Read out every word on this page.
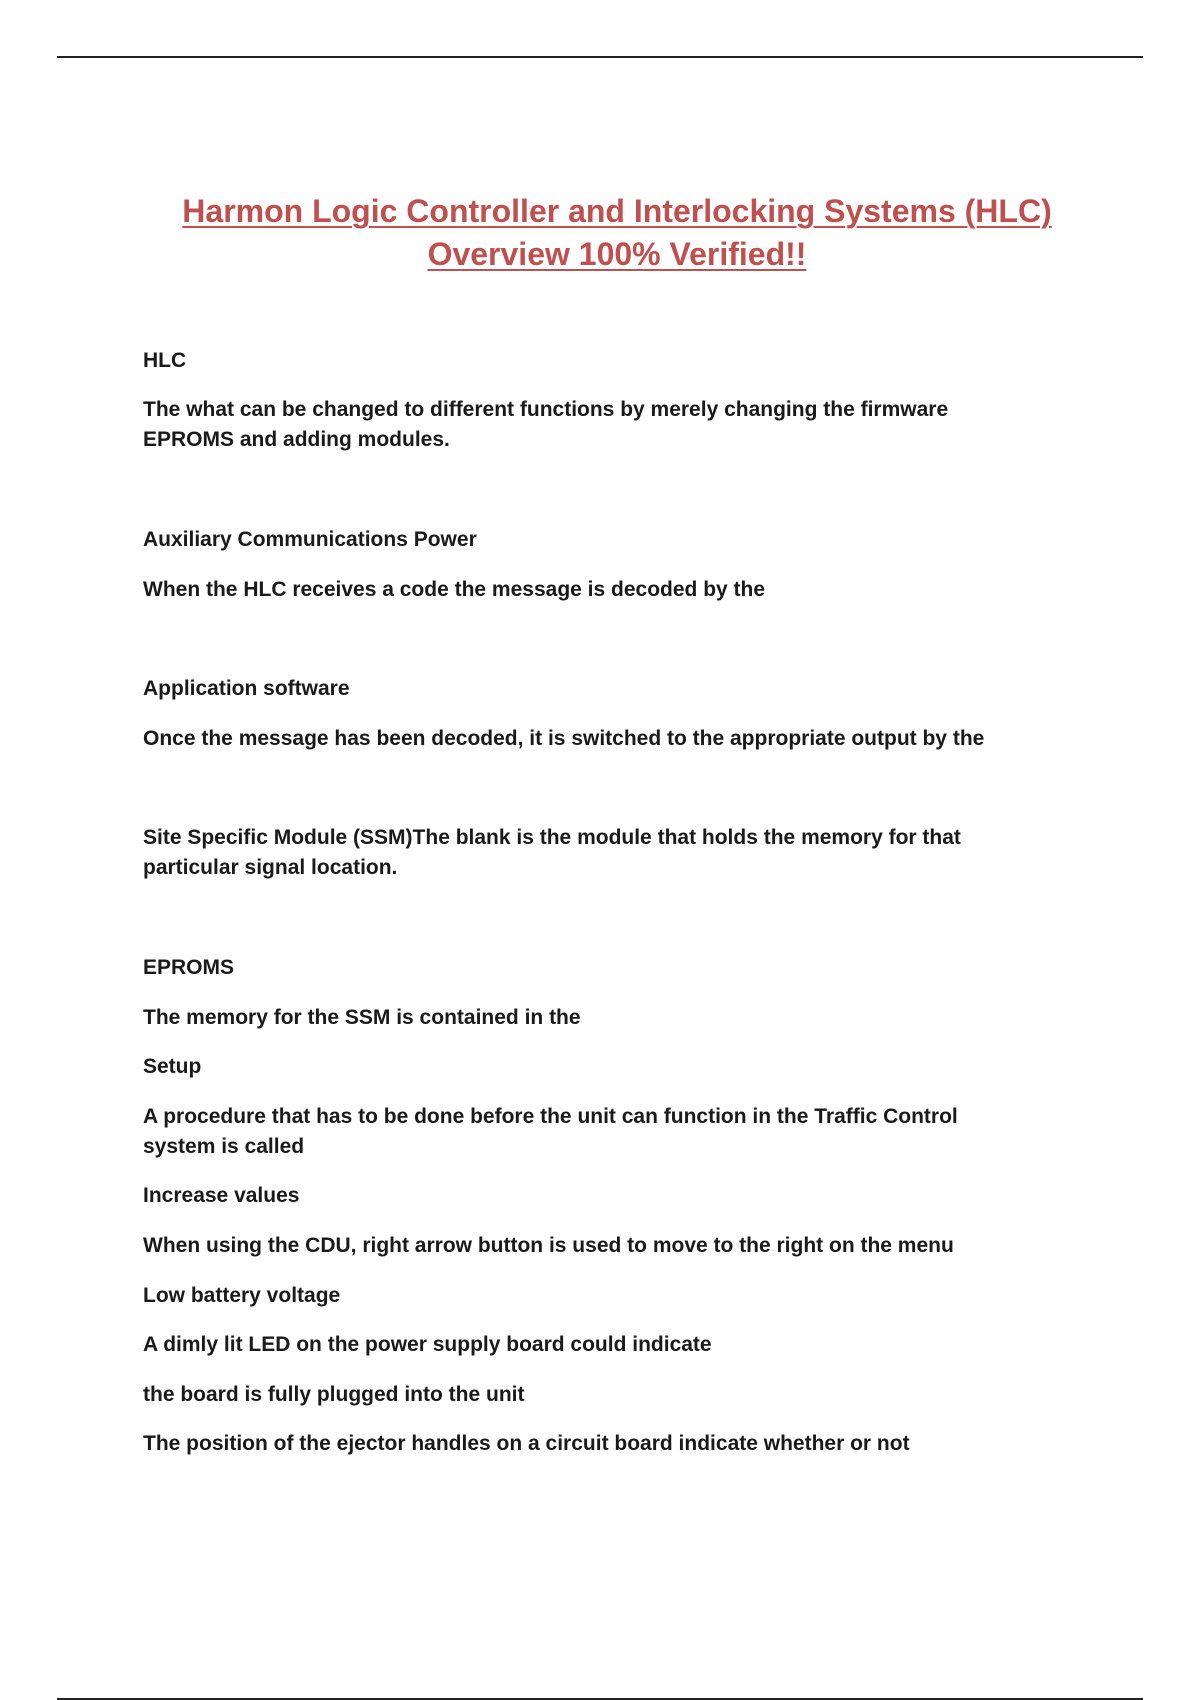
Harmon Logic Controller and Interlocking Systems (HLC)
Overview 100% Verified!!

HLC

The what can be changed to different functions by merely changing the firmware
EPROMS and adding modules.

Auxiliary Communications Power

When the HLC receives a code the message is decoded by the

Application software

Once the message has been decoded, it is switched to the appropriate output by the

Site Specific Module (SSM)The blank is the module that holds the memory for that
particular signal location.

EPROMS

The memory for the SSM is contained in the

Setup

A procedure that has to be done before the unit can function in the Traffic Control
system is called

Increase values

When using the CDU, right arrow button is used to move to the right on the menu

Low battery voltage

A dimly lit LED on the power supply board could indicate

the board is fully plugged into the unit

The position of the ejector handles on a circuit board indicate whether or not
